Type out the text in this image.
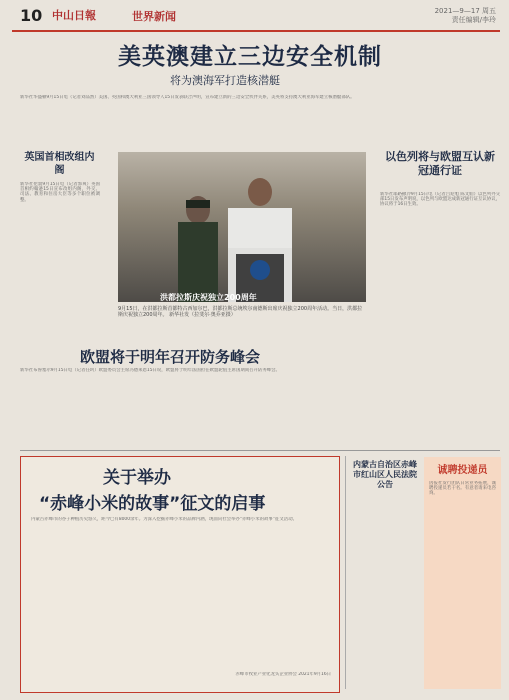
10 中山日報	世界新闻	2021—9—17 周五
责任编辑/李玲
美英澳建立三边安全机制
将为澳海军打造核潜艇
新华社华盛顿9月15日电（记者刘品然）美国、英国和澳大利亚三国领导人15日发表联合声明，宣布建立新的三边安全伙伴关系，美英将支持澳大利亚海军建立核潜艇部队。
英国首相改组内阁
新华社伦敦9月15日电（记者郭爽）英国首相约翰逊15日宣布改组内阁，外交、司法、教育和住房大臣等多个职位被调整。
洪都拉斯庆祝独立200周年
9月15日，在洪都拉斯首都特古西加尔巴，洪都拉斯总统埃尔南德斯出席庆祝独立200周年活动。当日，洪都拉斯庆祝独立200周年。 新华社发（拉斐尔·奥乔亚摄）
以色列将与欧盟互认新冠通行证
新华社耶路撒冷9月15日电（记者吕迎旭 陈文仙）以色列外交部15日发布声明说，以色列与欧盟达成新冠通行证互认协议，协议将于16日生效。
欧盟将于明年召开防务峰会
新华社布鲁塞尔9月15日电（记者任珂）欧盟委员会主席冯德莱恩15日说，欧盟将于明年法国担任欧盟轮值主席国期间召开防务峰会。
关于举办
“赤峰小米的故事”征文的启事
内蒙古赤峰市的谷子种植历史悠久，距今已有8000余年。为深入挖掘赤峰小米的品牌内涵，现面向社会举办“赤峰小米的故事”征文活动。
赤峰市牧业产业化龙头企业协会 2021年9月16日
内蒙古自治区赤峰市红山区人民法院公告
诚聘投递员
因报社发行团队日常业务拓展，诚聘投递员若干名。有意者请来电咨询。
